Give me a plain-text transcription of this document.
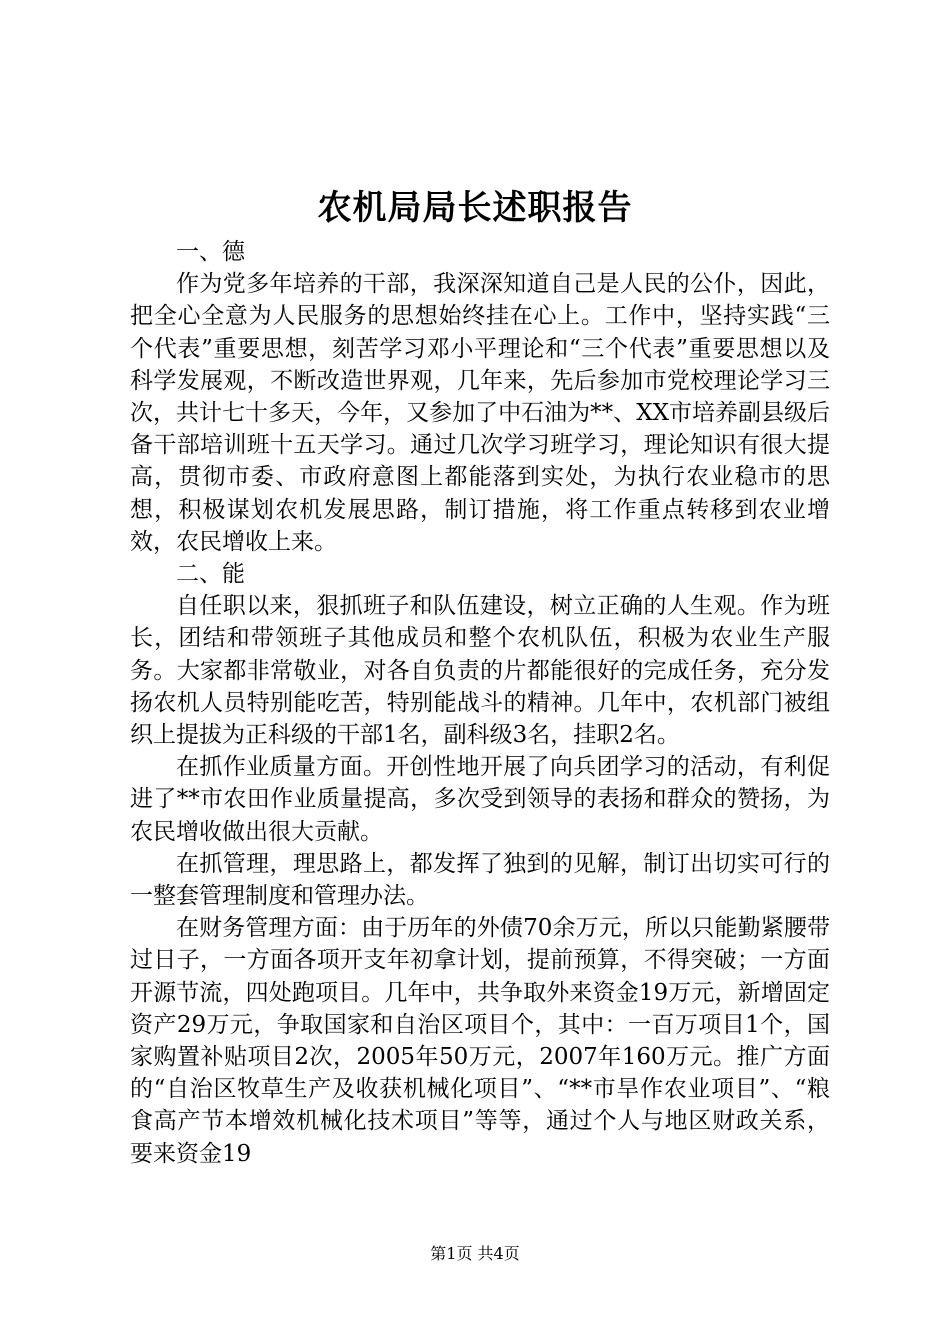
农机局局长述职报告

一、德

作为党多年培养的干部，我深深知道自己是人民的公仆，因此，把全心全意为人民服务的思想始终挂在心上。工作中，坚持实践“三个代表”重要思想，刻苦学习邓小平理论和“三个代表”重要思想以及科学发展观，不断改造世界观，几年来，先后参加市党校理论学习三次，共计七十多天，今年，又参加了中石油为**、XX市培养副县级后备干部培训班十五天学习。通过几次学习班学习，理论知识有很大提高，贯彻市委、市政府意图上都能落到实处，为执行农业稳市的思想，积极谋划农机发展思路，制订措施，将工作重点转移到农业增效，农民增收上来。

二、能

自任职以来，狠抓班子和队伍建设，树立正确的人生观。作为班长，团结和带领班子其他成员和整个农机队伍，积极为农业生产服务。大家都非常敬业，对各自负责的片都能很好的完成任务，充分发扬农机人员特别能吃苦，特别能战斗的精神。几年中，农机部门被组织上提拔为正科级的干部1名，副科级3名，挂职2名。

在抓作业质量方面。开创性地开展了向兵团学习的活动，有利促进了**市农田作业质量提高，多次受到领导的表扬和群众的赞扬，为农民增收做出很大贡献。

在抓管理，理思路上，都发挥了独到的见解，制订出切实可行的一整套管理制度和管理办法。

在财务管理方面：由于历年的外债70余万元，所以只能勤紧腰带过日子，一方面各项开支年初拿计划，提前预算，不得突破；一方面开源节流，四处跑项目。几年中，共争取外来资金19万元，新增固定资产29万元，争取国家和自治区项目个，其中：一百万项目1个，国家购置补贴项目2次，2005年50万元，2007年160万元。推广方面的“自治区牧草生产及收获机械化项目”、“**市旱作农业项目”、“粮食高产节本增效机械化技术项目”等等，通过个人与地区财政关系，要来资金19

第1页 共4页
